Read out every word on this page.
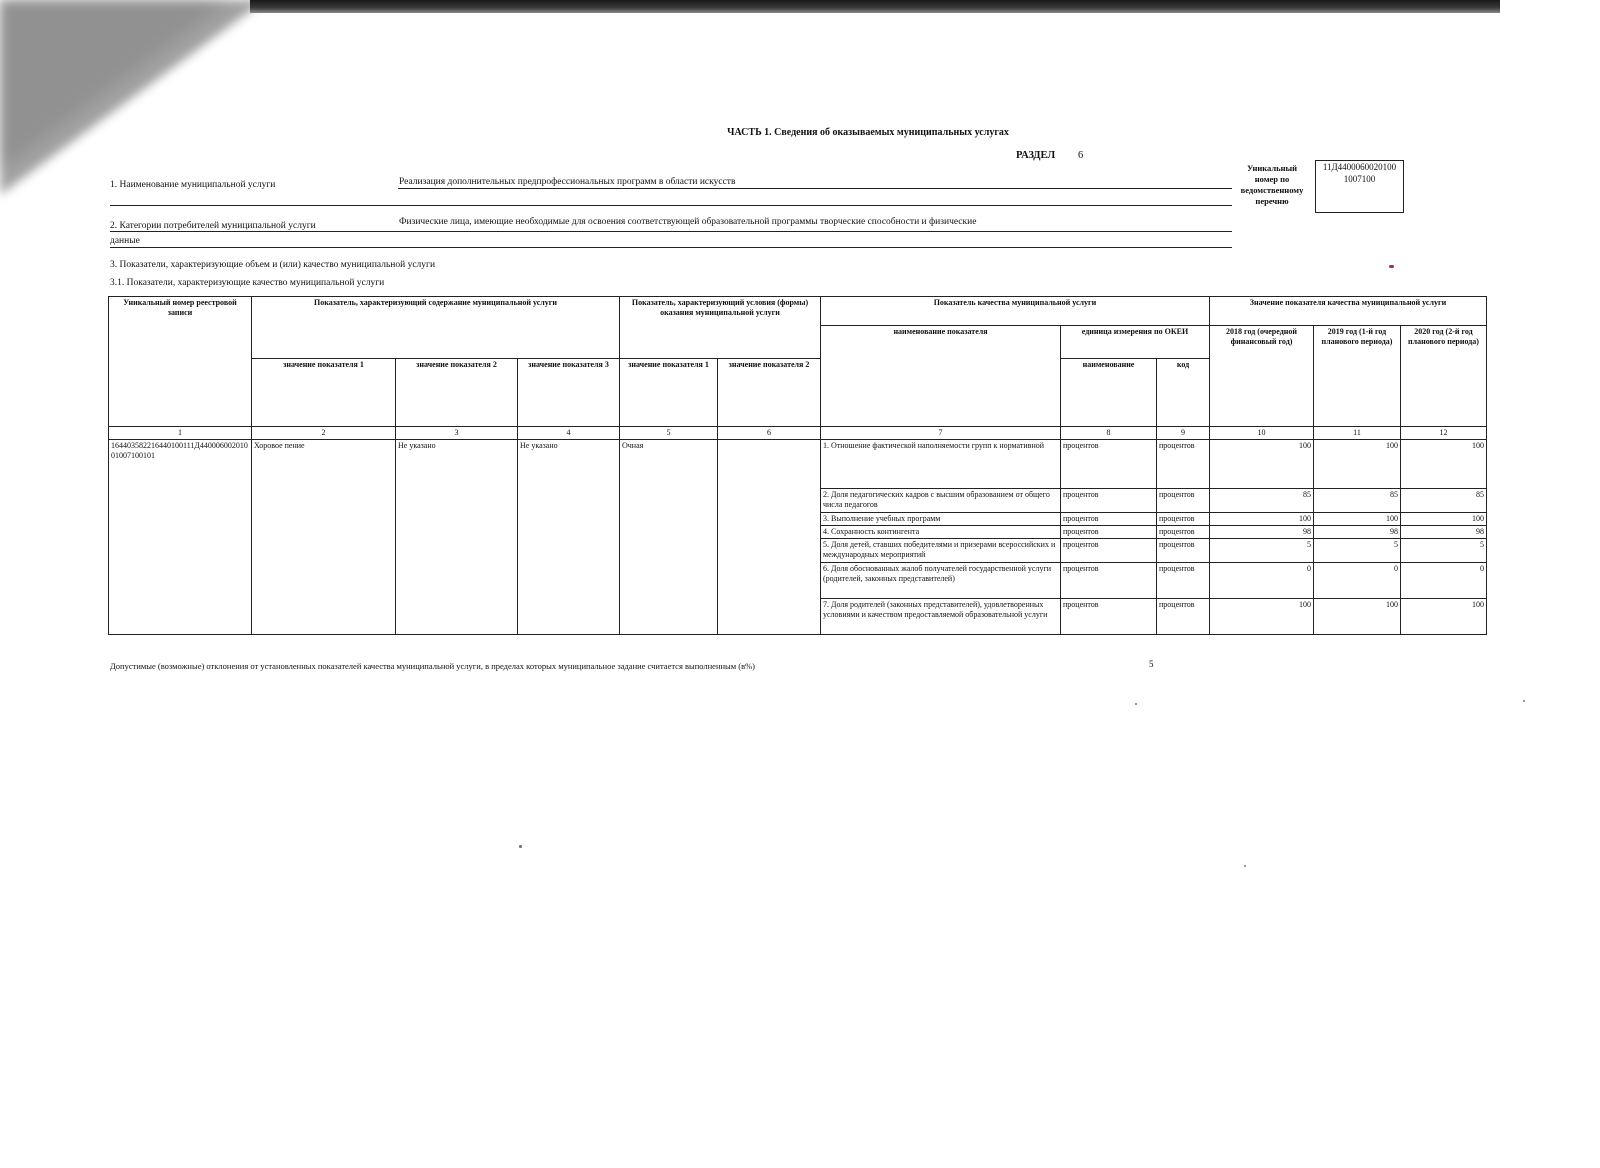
ЧАСТЬ 1. Сведения об оказываемых муниципальных услугах
РАЗДЕЛ 6
1. Наименование муниципальной услуги	Реализация дополнительных предпрофессиональных программ в области искусств
2. Категории потребителей муниципальной услуги	Физические лица, имеющие необходимые для освоения соответствующей образовательной программы творческие способности и физические
данные
Уникальный номер по ведомственному перечню
11Д4400060020100
1007100
3. Показатели, характеризующие объем и (или) качество муниципальной услуги
3.1. Показатели, характеризующие качество муниципальной услуги
Уникальный номер реестровой записи	Показатель, характеризующий содержание муниципальной услуги			Показатель, характеризующий условия (формы) оказания муниципальной услуги		Показатель качества муниципальной услуги			Значение показателя качества муниципальной услуги		
						наименование показателя	единица измерения по ОКЕИ		2018 год (очередной финансовый год)	2019 год (1-й год планового периода)	2020 год (2-й год планового периода)
	значение показателя 1	значение показателя 2	значение показателя 3	значение показателя 1	значение показателя 2		наименование	код			
1	2	3	4	5	6	7	8	9	10	11	12
164403582216440100111Д44000600201001007100101	Хоровое пение	Не указано	Не указано	Очная		1. Отношение фактической наполняемости групп к нормативной	процентов	процентов	100	100	100
						2. Доля педагогических кадров с высшим образованием от общего числа педагогов	процентов	процентов	85	85	85
						3. Выполнение учебных программ	процентов	процентов	100	100	100
						4. Сохранность контингента	процентов	процентов	98	98	98
						5. Доля детей, ставших победителями и призерами всероссийских и международных мероприятий	процентов	процентов	5	5	5
						6. Доля обоснованных жалоб получателей государственной услуги (родителей, законных представителей)	процентов	процентов	0	0	0
						7. Доля родителей (законных представителей), удовлетворенных условиями и качеством предоставляемой образовательной услуги	процентов	процентов	100	100	100
Допустимые (возможные) отклонения от установленных показателей качества муниципальной услуги, в пределах которых муниципальное задание считается выполненным (в%)	5
